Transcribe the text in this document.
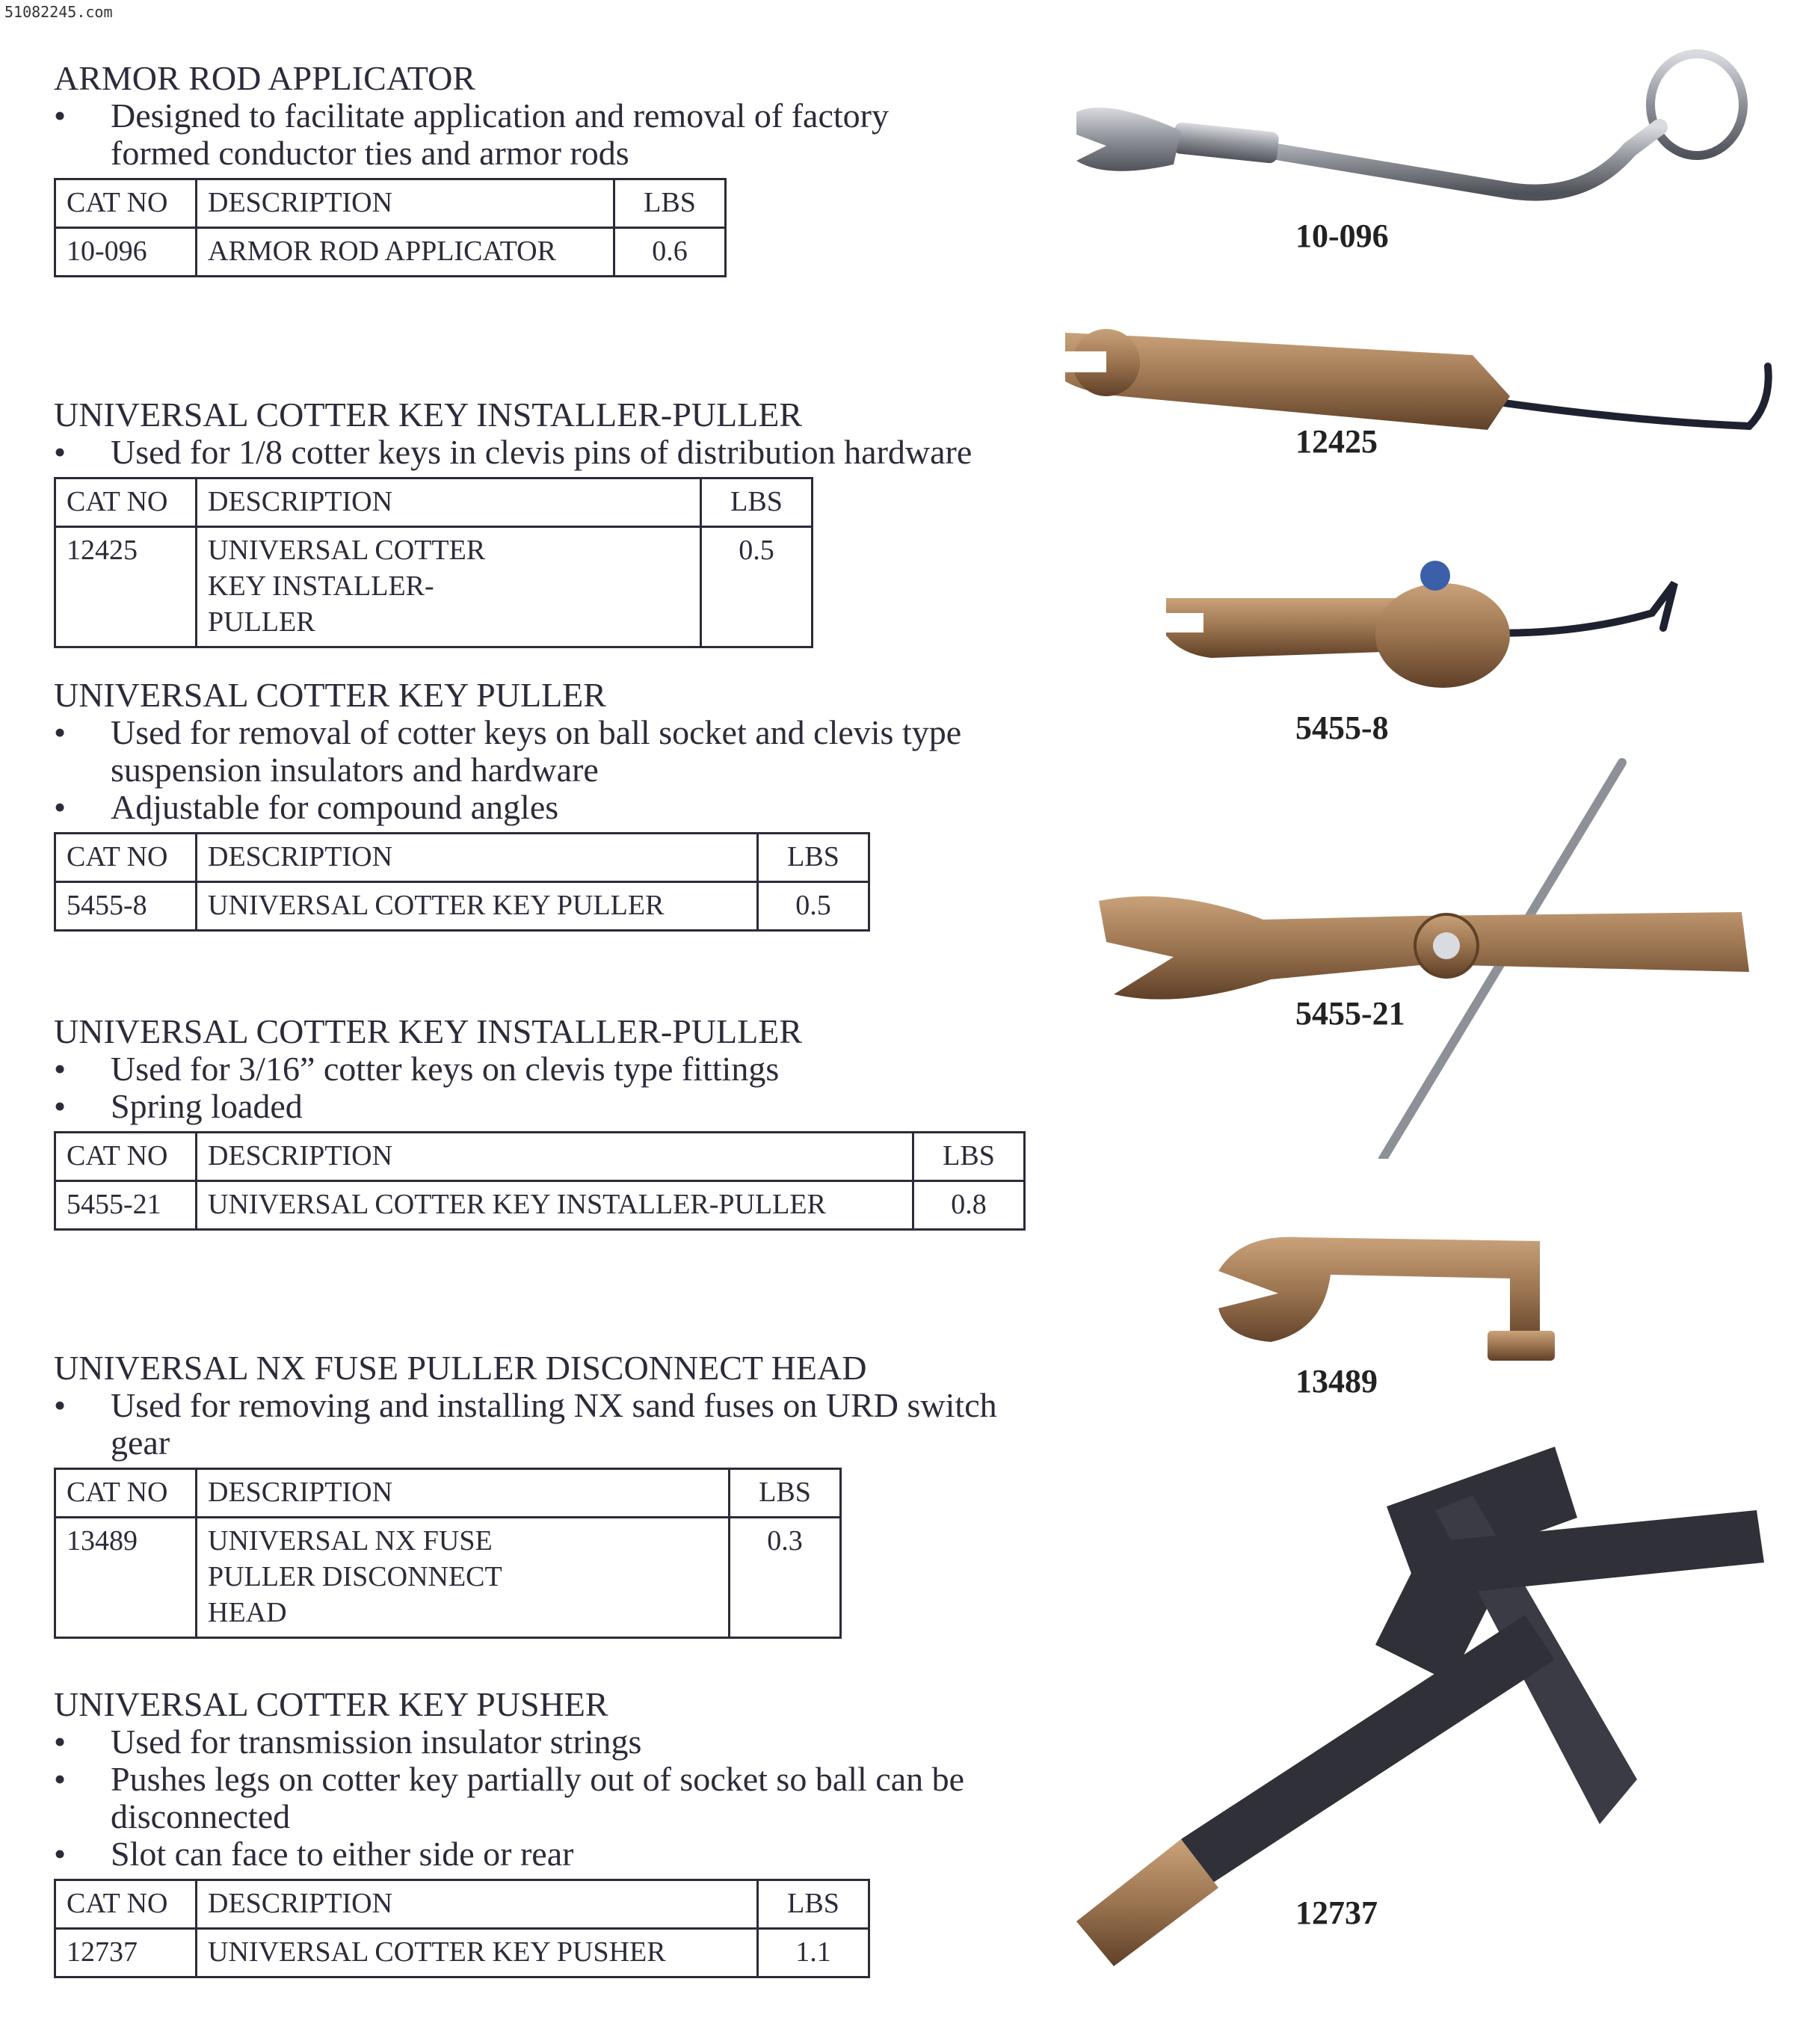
51082245.com
ARMOR ROD APPLICATOR
• Designed to facilitate application and removal of factory formed conductor ties and armor rods
CAT NO	DESCRIPTION	LBS
10-096	ARMOR ROD APPLICATOR	0.6
UNIVERSAL COTTER KEY INSTALLER-PULLER
• Used for 1/8 cotter keys in clevis pins of distribution hardware
CAT NO	DESCRIPTION	LBS
12425	UNIVERSAL COTTER KEY INSTALLER-PULLER	0.5
UNIVERSAL COTTER KEY PULLER
• Used for removal of cotter keys on ball socket and clevis type suspension insulators and hardware
• Adjustable for compound angles
CAT NO	DESCRIPTION	LBS
5455-8	UNIVERSAL COTTER KEY PULLER	0.5
UNIVERSAL COTTER KEY INSTALLER-PULLER
• Used for 3/16” cotter keys on clevis type fittings
• Spring loaded
CAT NO	DESCRIPTION	LBS
5455-21	UNIVERSAL COTTER KEY INSTALLER-PULLER	0.8
UNIVERSAL NX FUSE PULLER DISCONNECT HEAD
• Used for removing and installing NX sand fuses on URD switch gear
CAT NO	DESCRIPTION	LBS
13489	UNIVERSAL NX FUSE PULLER DISCONNECT HEAD	0.3
UNIVERSAL COTTER KEY PUSHER
• Used for transmission insulator strings
• Pushes legs on cotter key partially out of socket so ball can be disconnected
• Slot can face to either side or rear
CAT NO	DESCRIPTION	LBS
12737	UNIVERSAL COTTER KEY PUSHER	1.1
10-096
12425
5455-8
5455-21
13489
12737
